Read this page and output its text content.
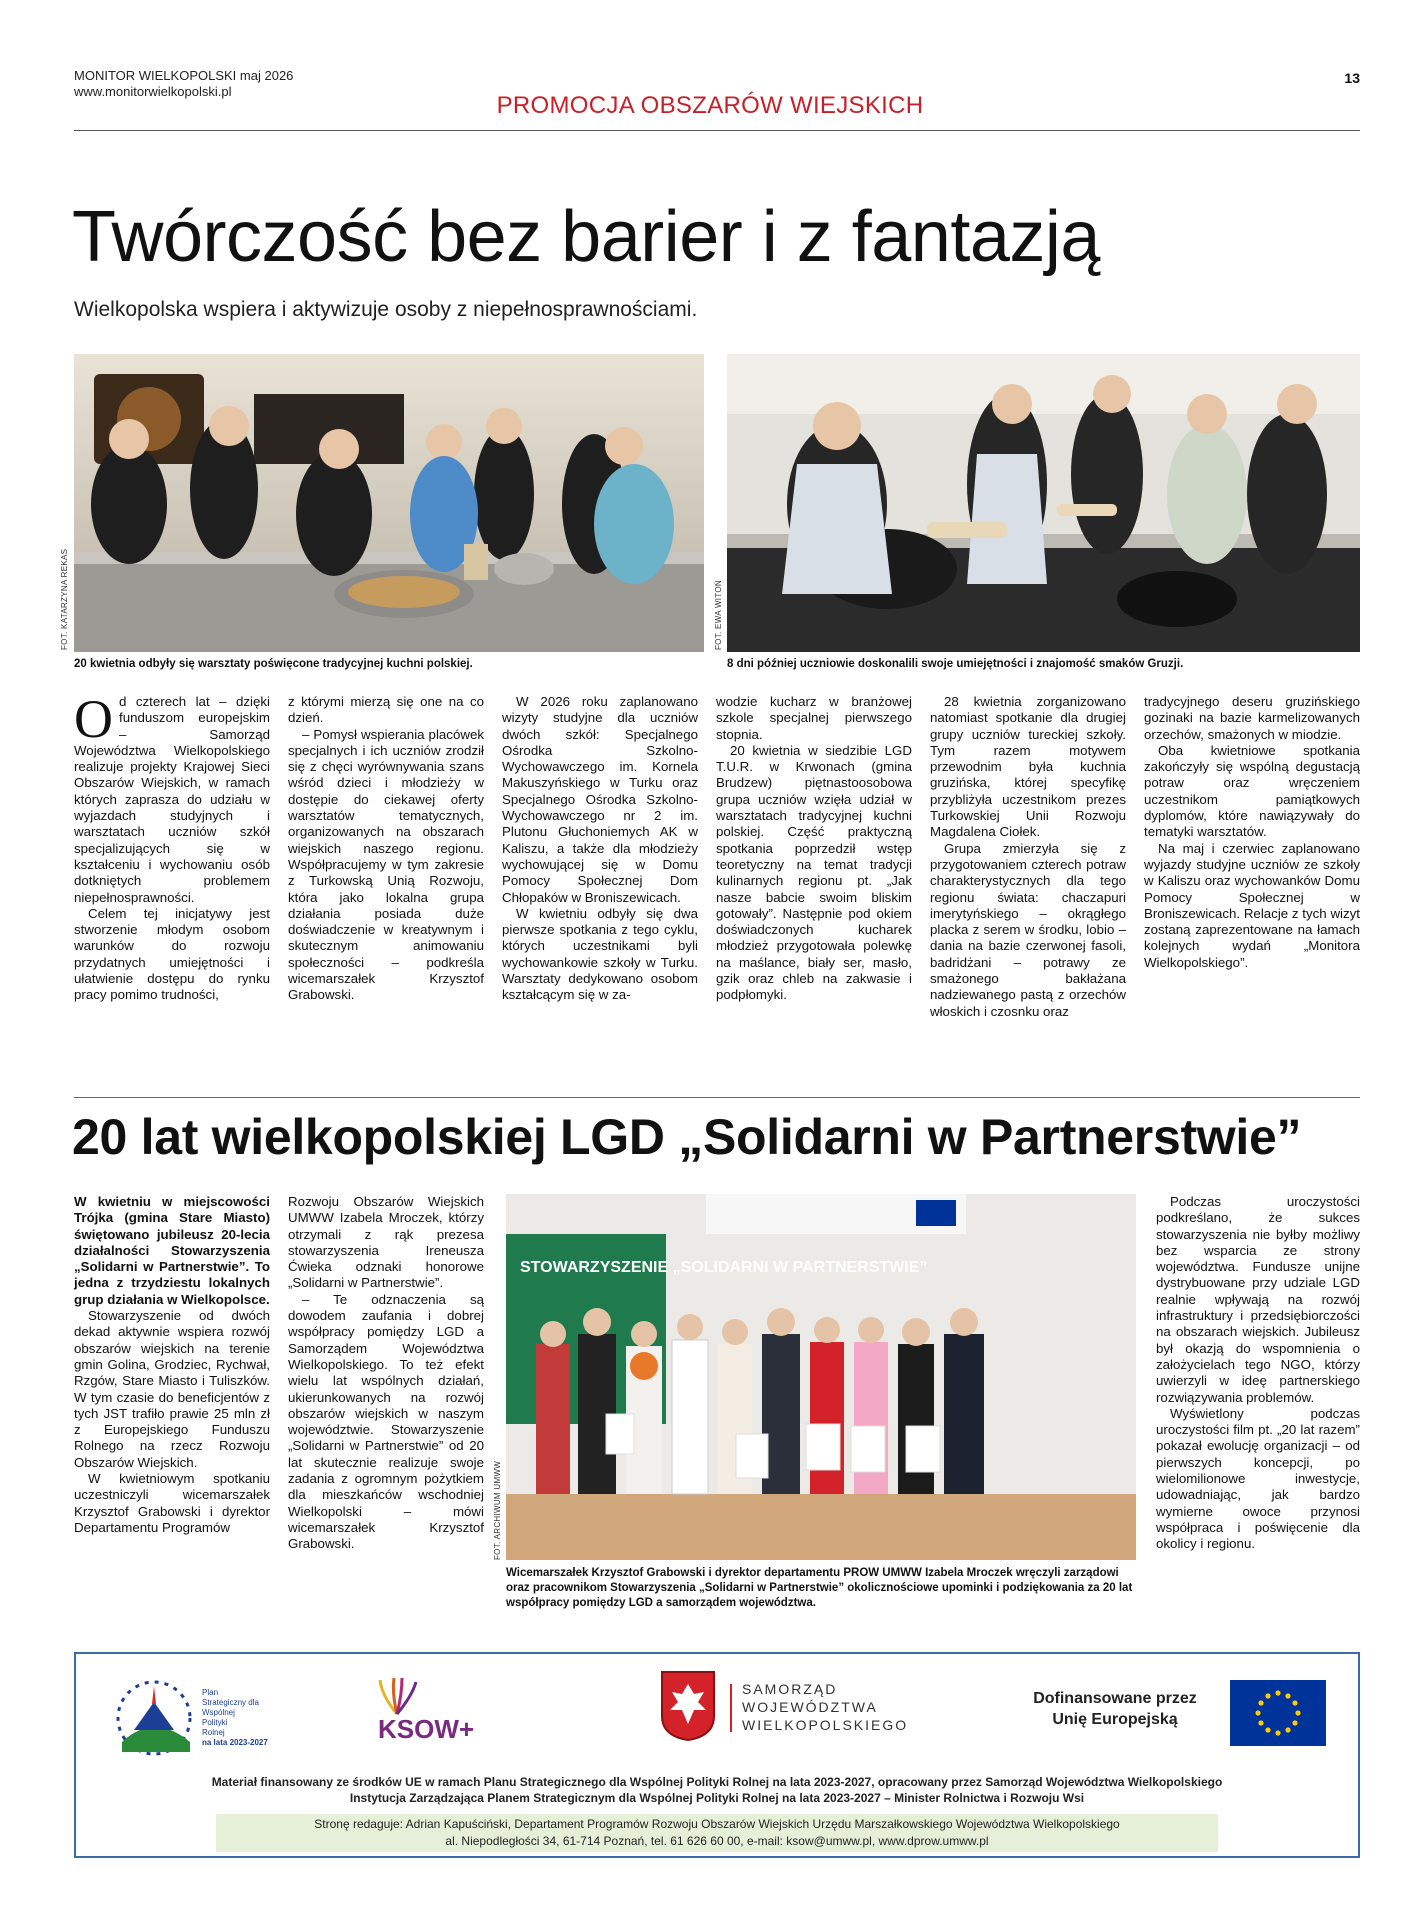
MONITOR WIELKOPOLSKI maj 2026
www.monitorwielkopolski.pl
PROMOCJA OBSZARÓW WIEJSKICH
13
Twórczość bez barier i z fantazją
Wielkopolska wspiera i aktywizuje osoby z niepełnosprawnościami.
FOT. KATARZYNA REKAS
20 kwietnia odbyły się warsztaty poświęcone tradycyjnej kuchni polskiej.
FOT. EWA WITOŃ
8 dni później uczniowie doskonalili swoje umiejętności i znajomość smaków Gruzji.

Od czterech lat – dzięki funduszom europejskim – Samorząd Województwa Wielkopolskiego realizuje projekty Krajowej Sieci Obszarów Wiejskich, w ramach których zaprasza do udziału w wyjazdach studyjnych i warsztatach uczniów szkół specjalizujących się w kształceniu i wychowaniu osób dotkniętych problemem niepełnosprawności.

Celem tej inicjatywy jest stworzenie młodym osobom warunków do rozwoju przydatnych umiejętności i ułatwienie dostępu do rynku pracy pomimo trudności,

z którymi mierzą się one na co dzień.

– Pomysł wspierania placówek specjalnych i ich uczniów zrodził się z chęci wyrównywania szans wśród dzieci i młodzieży w dostępie do ciekawej oferty warsztatów tematycznych, organizowanych na obszarach wiejskich naszego regionu. Współpracujemy w tym zakresie z Turkowską Unią Rozwoju, która jako lokalna grupa działania posiada duże doświadczenie w kreatywnym i skutecznym animowaniu społeczności – podkreśla wicemarszałek Krzysztof Grabowski.

W 2026 roku zaplanowano wizyty studyjne dla uczniów dwóch szkół: Specjalnego Ośrodka Szkolno-Wychowawczego im. Kornela Makuszyńskiego w Turku oraz Specjalnego Ośrodka Szkolno-Wychowawczego nr 2 im. Plutonu Głuchoniemych AK w Kaliszu, a także dla młodzieży wychowującej się w Domu Pomocy Społecznej Dom Chłopaków w Broniszewicach.

W kwietniu odbyły się dwa pierwsze spotkania z tego cyklu, których uczestnikami byli wychowankowie szkoły w Turku. Warsztaty dedykowano osobom kształcącym się w za-

wodzie kucharz w branżowej szkole specjalnej pierwszego stopnia.

20 kwietnia w siedzibie LGD T.U.R. w Krwonach (gmina Brudzew) piętnastoosobowa grupa uczniów wzięła udział w warsztatach tradycyjnej kuchni polskiej. Część praktyczną spotkania poprzedził wstęp teoretyczny na temat tradycji kulinarnych regionu pt. „Jak nasze babcie swoim bliskim gotowały”. Następnie pod okiem doświadczonych kucharek młodzież przygotowała polewkę na maślance, biały ser, masło, gzik oraz chleb na zakwasie i podpłomyki.

28 kwietnia zorganizowano natomiast spotkanie dla drugiej grupy uczniów tureckiej szkoły. Tym razem motywem przewodnim była kuchnia gruzińska, której specyfikę przybliżyła uczestnikom prezes Turkowskiej Unii Rozwoju Magdalena Ciołek.

Grupa zmierzyła się z przygotowaniem czterech potraw charakterystycznych dla tego regionu świata: chaczapuri imerytyńskiego – okrągłego placka z serem w środku, lobio – dania na bazie czerwonej fasoli, badridżani – potrawy ze smażonego bakłażana nadziewanego pastą z orzechów włoskich i czosnku oraz

tradycyjnego deseru gruzińskiego gozinaki na bazie karmelizowanych orzechów, smażonych w miodzie.

Oba kwietniowe spotkania zakończyły się wspólną degustacją potraw oraz wręczeniem uczestnikom pamiątkowych dyplomów, które nawiązywały do tematyki warsztatów.

Na maj i czerwiec zaplanowano wyjazdy studyjne uczniów ze szkoły w Kaliszu oraz wychowanków Domu Pomocy Społecznej w Broniszewicach. Relacje z tych wizyt zostaną zaprezentowane na łamach kolejnych wydań „Monitora Wielkopolskiego”.

20 lat wielkopolskiej LGD „Solidarni w Partnerstwie”

W kwietniu w miejscowości Trójka (gmina Stare Miasto) świętowano jubileusz 20-lecia działalności Stowarzyszenia „Solidarni w Partnerstwie”. To jedna z trzydziestu lokalnych grup działania w Wielkopolsce.

Stowarzyszenie od dwóch dekad aktywnie wspiera rozwój obszarów wiejskich na terenie gmin Golina, Grodziec, Rychwał, Rzgów, Stare Miasto i Tuliszków. W tym czasie do beneficjentów z tych JST trafiło prawie 25 mln zł z Europejskiego Funduszu Rolnego na rzecz Rozwoju Obszarów Wiejskich.

W kwietniowym spotkaniu uczestniczyli wicemarszałek Krzysztof Grabowski i dyrektor Departamentu Programów

Rozwoju Obszarów Wiejskich UMWW Izabela Mroczek, którzy otrzymali z rąk prezesa stowarzyszenia Ireneusza Ćwieka odznaki honorowe „Solidarni w Partnerstwie”.

– Te odznaczenia są dowodem zaufania i dobrej współpracy pomiędzy LGD a Samorządem Województwa Wielkopolskiego. To też efekt wielu lat wspólnych działań, ukierunkowanych na rozwój obszarów wiejskich w naszym województwie. Stowarzyszenie „Solidarni w Partnerstwie” od 20 lat skutecznie realizuje swoje zadania z ogromnym pożytkiem dla mieszkańców wschodniej Wielkopolski – mówi wicemarszałek Krzysztof Grabowski.

STOWARZYSZENIE „SOLIDARNI W PARTNERSTWIE”
FOT. ARCHIWUM UMWW
Wicemarszałek Krzysztof Grabowski i dyrektor departamentu PROW UMWW Izabela Mroczek wręczyli zarządowi oraz pracownikom Stowarzyszenia „Solidarni w Partnerstwie” okolicznościowe upominki i podziękowania za 20 lat współpracy pomiędzy LGD a samorządem województwa.

Podczas uroczystości podkreślano, że sukces stowarzyszenia nie byłby możliwy bez wsparcia ze strony województwa. Fundusze unijne dystrybuowane przy udziale LGD realnie wpływają na rozwój infrastruktury i przedsiębiorczości na obszarach wiejskich. Jubileusz był okazją do wspomnienia o założycielach tego NGO, którzy uwierzyli w ideę partnerskiego rozwiązywania problemów.

Wyświetlony podczas uroczystości film pt. „20 lat razem” pokazał ewolucję organizacji – od pierwszych koncepcji, po wielomilionowe inwestycje, udowadniając, jak bardzo wymierne owoce przynosi współpraca i poświęcenie dla okolicy i regionu.

Plan
Strategiczny dla
Wspólnej
Polityki
Rolnej
na lata 2023-2027	KSOW+
SAMORZĄD
WOJEWÓDZTWA
WIELKOPOLSKIEGO
Dofinansowane przez
Unię Europejską
Materiał finansowany ze środków UE w ramach Planu Strategicznego dla Wspólnej Polityki Rolnej na lata 2023-2027, opracowany przez Samorząd Województwa Wielkopolskiego
Instytucja Zarządzająca Planem Strategicznym dla Wspólnej Polityki Rolnej na lata 2023-2027 – Minister Rolnictwa i Rozwoju Wsi
Stronę redaguje: Adrian Kapuściński, Departament Programów Rozwoju Obszarów Wiejskich Urzędu Marszałkowskiego Województwa Wielkopolskiego
al. Niepodległości 34, 61-714 Poznań, tel. 61 626 60 00, e-mail: ksow@umww.pl, www.dprow.umww.pl
